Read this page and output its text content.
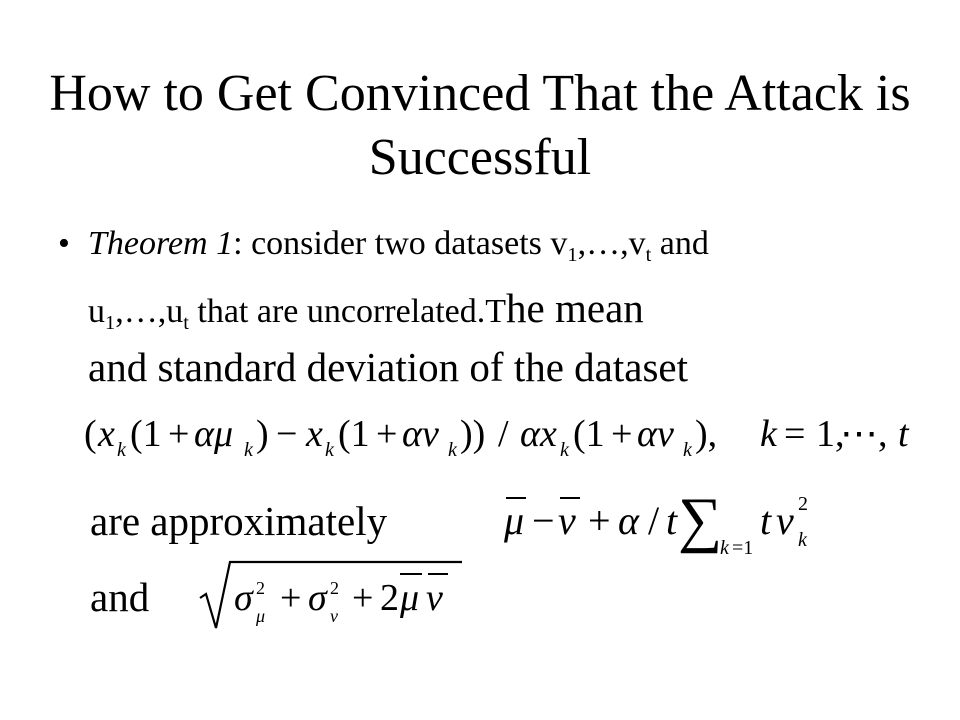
How to Get Convinced That the Attack is Successful
• Theorem 1: consider two datasets $v_1,\dots,v_t$ and
$u_1,\dots,u_t$ that are uncorrelated.The mean
and standard deviation of the dataset
( x k (1 + αμ k ) − x k (1 + αν k )) / αx k (1 + αν k ), k = 1,
⋯, t
are approximately	μ − ν + α / t ∑
k =1
t ν 2
k
and σ 2
μ + σ 2
ν + 2 μ ν
